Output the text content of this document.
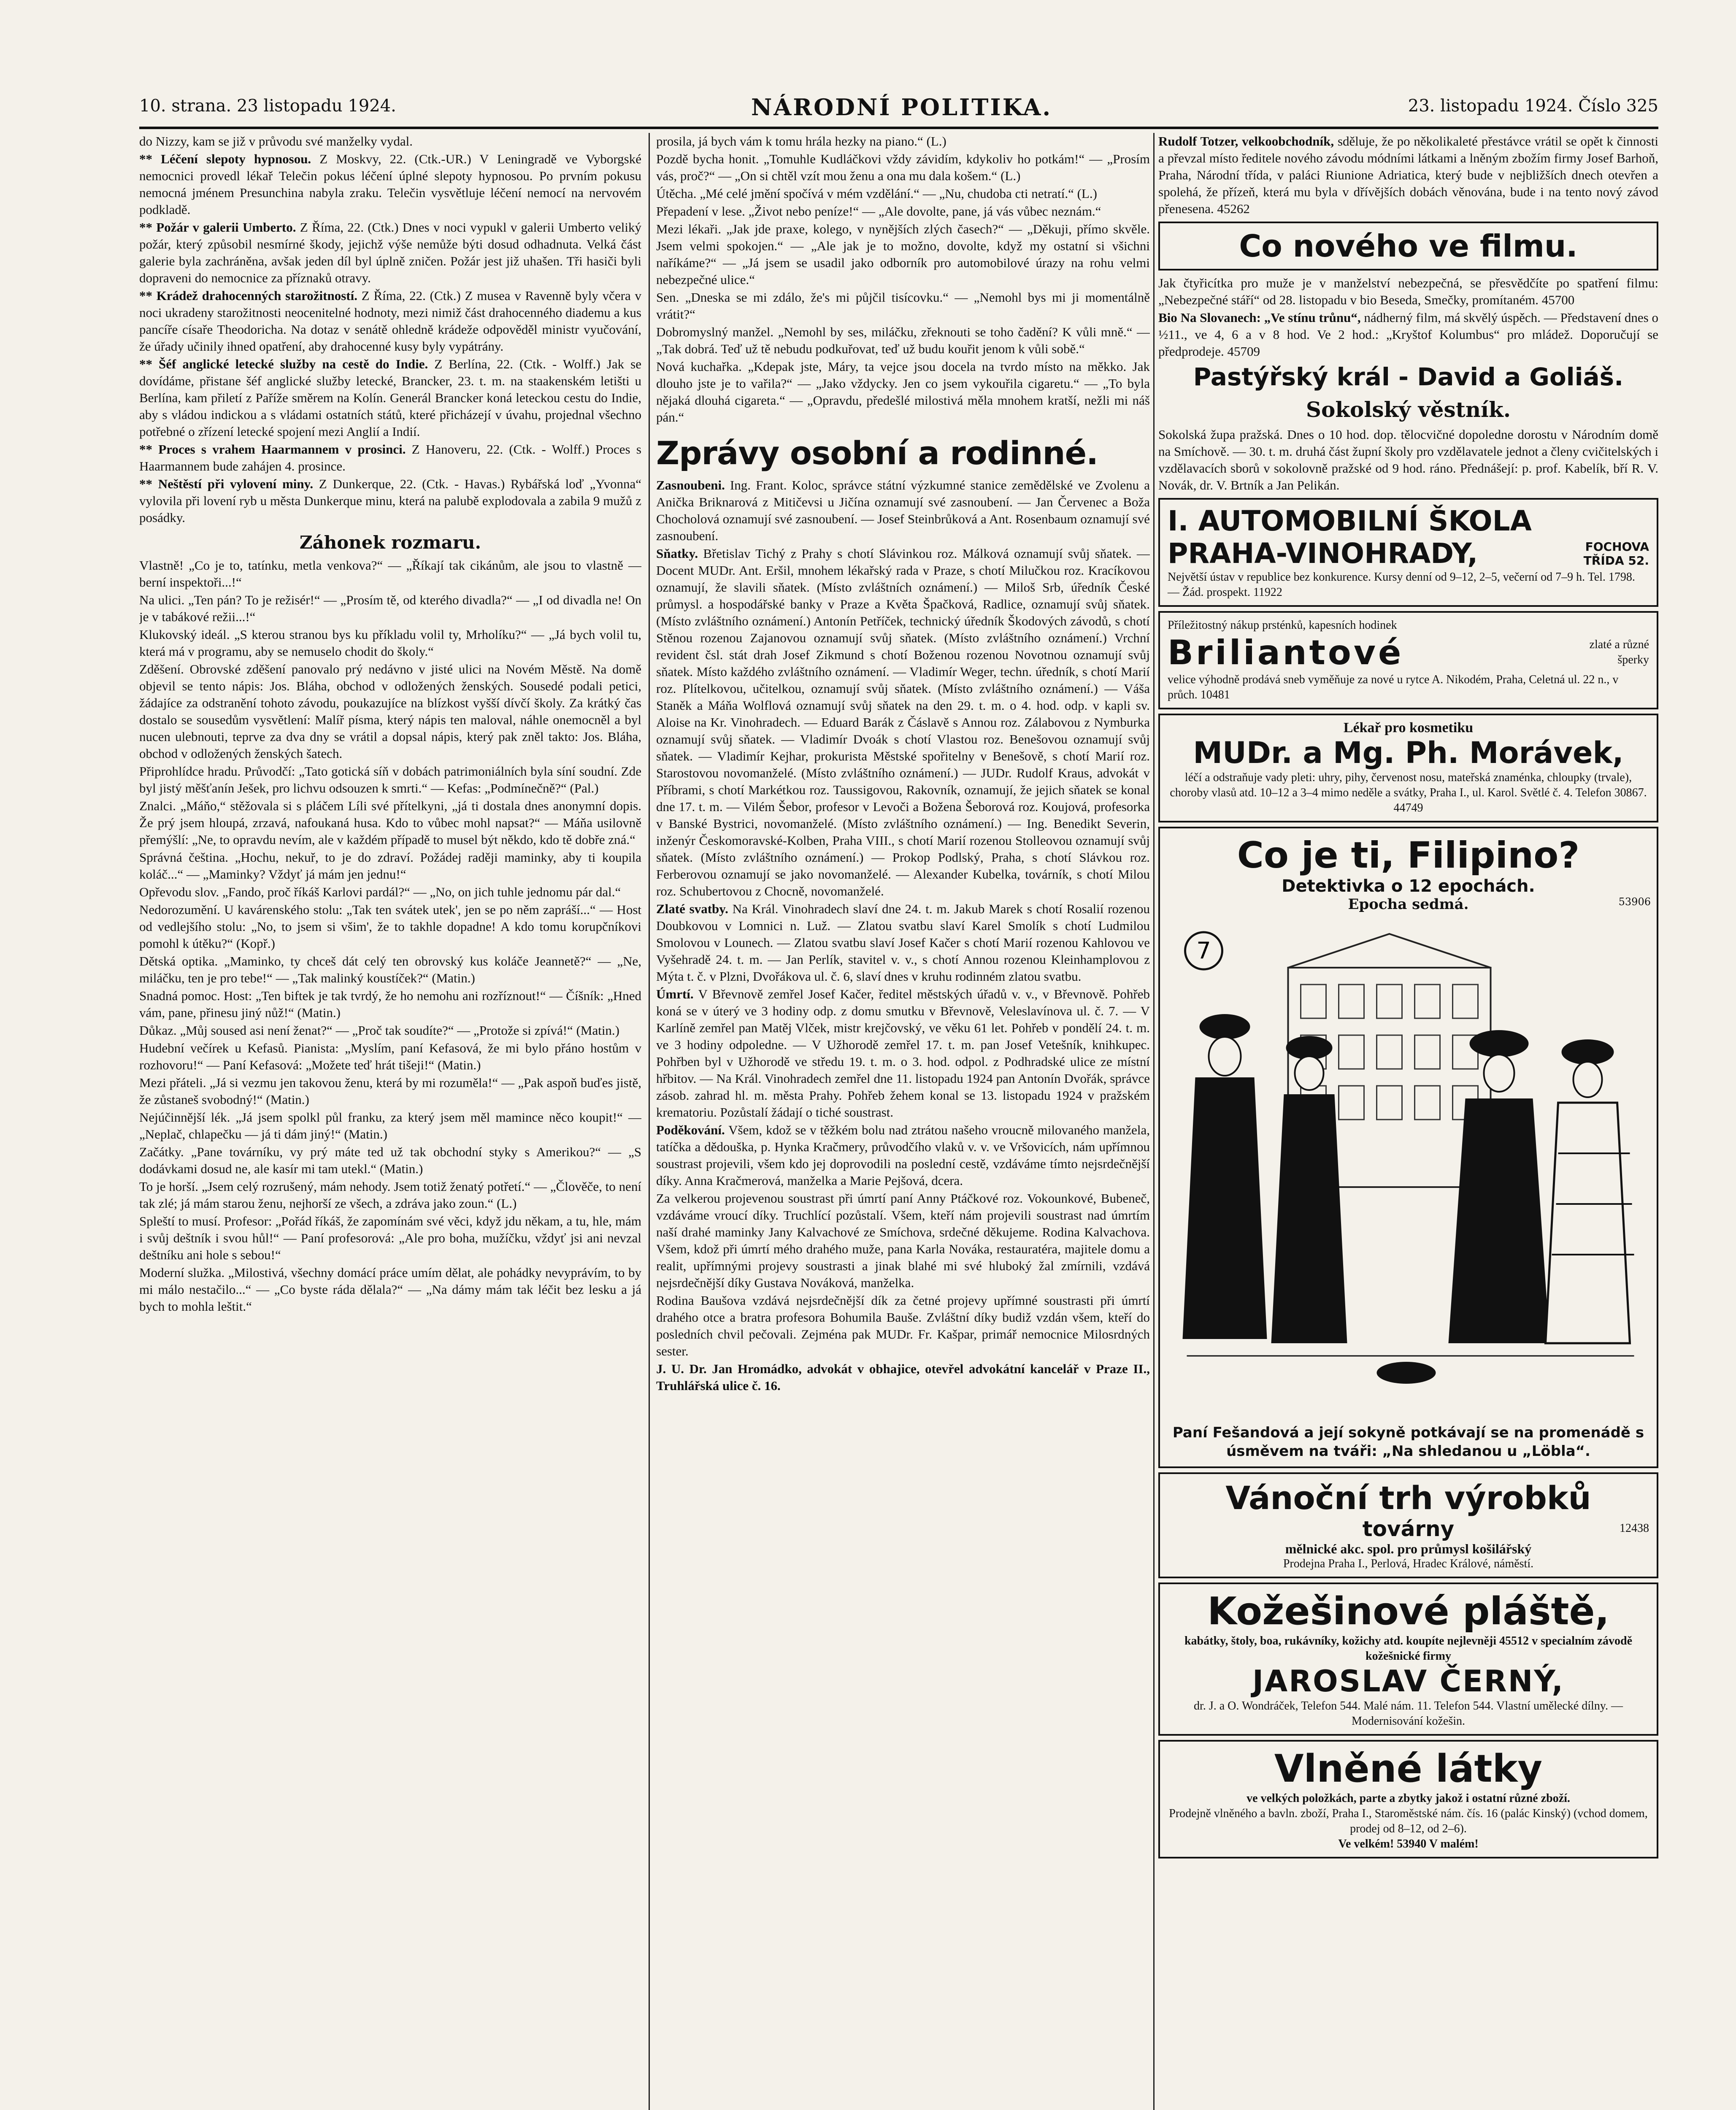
10. strana. 23 listopadu 1924.	NÁRODNÍ POLITIKA.	23. listopadu 1924. Číslo 325

do Nizzy, kam se již v průvodu své manželky vydal.

** Léčení slepoty hypnosou. Z Moskvy, 22. (Ctk.-UR.) V Leningradě ve Vyborgské nemocnici provedl lékař Telečin pokus léčení úplné slepoty hypnosou. Po prvním pokusu nemocná jménem Presunchina nabyla zraku. Telečin vysvětluje léčení nemocí na nervovém podkladě.

** Požár v galerii Umberto. Z Říma, 22. (Ctk.) Dnes v noci vypukl v galerii Umberto veliký požár, který způsobil nesmírné škody, jejichž výše nemůže býti dosud odhadnuta. Velká část galerie byla zachráněna, avšak jeden díl byl úplně zničen. Požár jest již uhašen. Tři hasiči byli dopraveni do nemocnice za příznaků otravy.

** Krádež drahocenných starožitností. Z Říma, 22. (Ctk.) Z musea v Ravenně byly včera v noci ukradeny starožitnosti neocenitelné hodnoty, mezi nimiž část drahocenného diademu a kus pancíře císaře Theodoricha. Na dotaz v senátě ohledně krádeže odpověděl ministr vyučování, že úřady učinily ihned opatření, aby drahocenné kusy byly vypátrány.

** Šéf anglické letecké služby na cestě do Indie. Z Berlína, 22. (Ctk. - Wolff.) Jak se dovídáme, přistane šéf anglické služby letecké, Brancker, 23. t. m. na staakenském letišti u Berlína, kam přiletí z Paříže směrem na Kolín. Generál Brancker koná leteckou cestu do Indie, aby s vládou indickou a s vládami ostatních států, které přicházejí v úvahu, projednal všechno potřebné o zřízení letecké spojení mezi Anglií a Indií.

** Proces s vrahem Haarmannem v prosinci. Z Hanoveru, 22. (Ctk. - Wolff.) Proces s Haarmannem bude zahájen 4. prosince.

** Neštěstí při vylovení miny. Z Dunkerque, 22. (Ctk. - Havas.) Rybářská loď „Yvonna“ vylovila při lovení ryb u města Dunkerque minu, která na palubě explodovala a zabila 9 mužů z posádky.

Záhonek rozmaru.

Vlastně! „Co je to, tatínku, metla venkova?“ — „Říkají tak cikánům, ale jsou to vlastně — berní inspektoři...!“

Na ulici. „Ten pán? To je režisér!“ — „Prosím tě, od kterého divadla?“ — „I od divadla ne! On je v tabákové režii...!“

Klukovský ideál. „S kterou stranou bys ku příkladu volil ty, Mrholíku?“ — „Já bych volil tu, která má v programu, aby se nemuselo chodit do školy.“

Zděšení. Obrovské zděšení panovalo prý nedávno v jisté ulici na Novém Městě. Na domě objevil se tento nápis: Jos. Bláha, obchod v odložených ženských. Sousedé podali petici, žádajíce za odstranění tohoto závodu, poukazujíce na blízkost vyšší dívčí školy. Za krátký čas dostalo se sousedům vysvětlení: Malíř písma, který nápis ten maloval, náhle onemocněl a byl nucen ulebnouti, teprve za dva dny se vrátil a dopsal nápis, který pak zněl takto: Jos. Bláha, obchod v odložených ženských šatech.

Připrohlídce hradu. Průvodčí: „Tato gotická síň v dobách patrimoniálních byla síní soudní. Zde byl jistý měšťanín Ješek, pro lichvu odsouzen k smrti.“ — Kefas: „Podmínečně?“ (Pal.)

Znalci. „Máňo,“ stěžovala si s pláčem Líli své přítelkyni, „já ti dostala dnes anonymní dopis. Že prý jsem hloupá, zrzavá, nafoukaná husa. Kdo to vůbec mohl napsat?“ — Máňa usilovně přemýšlí: „Ne, to opravdu nevím, ale v každém případě to musel být někdo, kdo tě dobře zná.“

Správná čeština. „Hochu, nekuř, to je do zdraví. Požádej raději maminky, aby ti koupila koláč...“ — „Maminky? Vždyť já mám jen jednu!“

Opřevodu slov. „Fando, proč říkáš Karlovi pardál?“ — „No, on jich tuhle jednomu pár dal.“

Nedorozumění. U kavárenského stolu: „Tak ten svátek utek', jen se po něm zapráší...“ — Host od vedlejšího stolu: „No, to jsem si všim', že to takhle dopadne! A kdo tomu korupčníkovi pomohl k útěku?“ (Kopř.)

Dětská optika. „Maminko, ty chceš dát celý ten obrovský kus koláče Jeannetě?“ — „Ne, miláčku, ten je pro tebe!“ — „Tak malinký koustíček?“ (Matin.)

Snadná pomoc. Host: „Ten biftek je tak tvrdý, že ho nemohu ani rozříznout!“ — Číšník: „Hned vám, pane, přinesu jiný nůž!“ (Matin.)

Důkaz. „Můj soused asi není ženat?“ — „Proč tak soudíte?“ — „Protože si zpívá!“ (Matin.)

Hudební večírek u Kefasů. Pianista: „Myslím, paní Kefasová, že mi bylo přáno hostům v rozhovoru!“ — Paní Kefasová: „Možete teď hrát tišeji!“ (Matin.)

Mezi přáteli. „Já si vezmu jen takovou ženu, která by mi rozuměla!“ — „Pak aspoň buďes jistě, že zůstaneš svobodný!“ (Matin.)

Nejúčinnější lék. „Já jsem spolkl půl franku, za který jsem měl mamince něco koupit!“ — „Neplač, chlapečku — já ti dám jiný!“ (Matin.)

Začátky. „Pane továrníku, vy prý máte ted už tak obchodní styky s Amerikou?“ — „S dodávkami dosud ne, ale kasír mi tam utekl.“ (Matin.)

To je horší. „Jsem celý rozrušený, mám nehody. Jsem totiž ženatý potřetí.“ — „Člověče, to není tak zlé; já mám starou ženu, nejhorší ze všech, a zdráva jako zoun.“ (L.)

Spleští to musí. Profesor: „Pořád říkáš, že zapomínám své věci, když jdu někam, a tu, hle, mám i svůj deštník i svou hůl!“ — Paní profesorová: „Ale pro boha, mužíčku, vždyť jsi ani nevzal deštníku ani hole s sebou!“

Moderní služka. „Milostivá, všechny domácí práce umím dělat, ale pohádky nevyprávím, to by mi málo nestačilo...“ — „Co byste ráda dělala?“ — „Na dámy mám tak léčit bez lesku a já bych to mohla leštit.“

prosila, já bych vám k tomu hrála hezky na piano.“ (L.)

Pozdě bycha honit. „Tomuhle Kudláčkovi vždy závidím, kdykoliv ho potkám!“ — „Prosím vás, proč?“ — „On si chtěl vzít mou ženu a ona mu dala košem.“ (L.)

Útěcha. „Mé celé jmění spočívá v mém vzdělání.“ — „Nu, chudoba cti netratí.“ (L.)

Přepadení v lese. „Život nebo peníze!“ — „Ale dovolte, pane, já vás vůbec neznám.“

Mezi lékaři. „Jak jde praxe, kolego, v nynějších zlých časech?“ — „Děkuji, přímo skvěle. Jsem velmi spokojen.“ — „Ale jak je to možno, dovolte, když my ostatní si všichni naříkáme?“ — „Já jsem se usadil jako odborník pro automobilové úrazy na rohu velmi nebezpečné ulice.“

Sen. „Dneska se mi zdálo, že's mi půjčil tisícovku.“ — „Nemohl bys mi ji momentálně vrátit?“

Dobromyslný manžel. „Nemohl by ses, miláčku, zřeknouti se toho čadění? K vůli mně.“ — „Tak dobrá. Teď už tě nebudu podkuřovat, teď už budu kouřit jenom k vůli sobě.“

Nová kuchařka. „Kdepak jste, Máry, ta vejce jsou docela na tvrdo místo na měkko. Jak dlouho jste je to vařila?“ — „Jako vždycky. Jen co jsem vykouřila cigaretu.“ — „To byla nějaká dlouhá cigareta.“ — „Opravdu, předešlé milostivá měla mnohem kratší, nežli mi náš pán.“

Zprávy osobní a rodinné.

Zasnoubeni. Ing. Frant. Koloc, správce státní výzkumné stanice zemědělské ve Zvolenu a Anička Briknarová z Mitičevsi u Jičína oznamují své zasnoubení. — Jan Červenec a Boža Chocholová oznamují své zasnoubení. — Josef Steinbrůková a Ant. Rosenbaum oznamují své zasnoubení.

Sňatky. Břetislav Tichý z Prahy s chotí Slávinkou roz. Málková oznamují svůj sňatek. — Docent MUDr. Ant. Eršil, mnohem lékařský rada v Praze, s chotí Milučkou roz. Kracíkovou oznamují, že slavili sňatek. (Místo zvláštních oznámení.) — Miloš Srb, úředník České průmysl. a hospodářské banky v Praze a Květa Špačková, Radlice, oznamují svůj sňatek. (Místo zvláštního oznámení.) Antonín Petříček, technický úředník Škodových závodů, s chotí Stěnou rozenou Zajanovou oznamují svůj sňatek. (Místo zvláštního oznámení.) Vrchní revident čsl. stát drah Josef Zikmund s chotí Boženou rozenou Novotnou oznamují svůj sňatek. Místo každého zvláštního oznámení. — Vladimír Weger, techn. úředník, s chotí Marií roz. Plítelkovou, učitelkou, oznamují svůj sňatek. (Místo zvláštního oznámení.) — Váša Staněk a Máňa Wolflová oznamují svůj sňatek na den 29. t. m. o 4. hod. odp. v kapli sv. Aloise na Kr. Vinohradech. — Eduard Barák z Čáslavě s Annou roz. Zálabovou z Nymburka oznamují svůj sňatek. — Vladimír Dvoák s chotí Vlastou roz. Benešovou oznamují svůj sňatek. — Vladimír Kejhar, prokurista Městské spořitelny v Benešově, s chotí Marií roz. Starostovou novomanželé. (Místo zvláštního oznámení.) — JUDr. Rudolf Kraus, advokát v Příbrami, s chotí Markétkou roz. Taussigovou, Rakovník, oznamují, že jejich sňatek se konal dne 17. t. m. — Vilém Šebor, profesor v Levoči a Božena Šeborová roz. Koujová, profesorka v Banské Bystrici, novomanželé. (Místo zvláštního oznámení.) — Ing. Benedikt Severin, inženýr Českomoravské-Kolben, Praha VIII., s chotí Marií rozenou Stolleovou oznamují svůj sňatek. (Místo zvláštního oznámení.) — Prokop Podlský, Praha, s chotí Slávkou roz. Ferberovou oznamují se jako novomanželé. — Alexander Kubelka, továrník, s chotí Milou roz. Schubertovou z Chocně, novomanželé.

Zlaté svatby. Na Král. Vinohradech slaví dne 24. t. m. Jakub Marek s chotí Rosalií rozenou Doubkovou v Lomnici n. Luž. — Zlatou svatbu slaví Karel Smolík s chotí Ludmilou Smolovou v Lounech. — Zlatou svatbu slaví Josef Kačer s chotí Marií rozenou Kahlovou ve Vyšehradě 24. t. m. — Jan Perlík, stavitel v. v., s chotí Annou rozenou Kleinhamplovou z Mýta t. č. v Plzni, Dvořákova ul. č. 6, slaví dnes v kruhu rodinném zlatou svatbu.

Úmrtí. V Břevnově zemřel Josef Kačer, ředitel městských úřadů v. v., v Břevnově. Pohřeb koná se v úterý ve 3 hodiny odp. z domu smutku v Břevnově, Veleslavínova ul. č. 7. — V Karlíně zemřel pan Matěj Vlček, mistr krejčovský, ve věku 61 let. Pohřeb v pondělí 24. t. m. ve 3 hodiny odpoledne. — V Užhorodě zemřel 17. t. m. pan Josef Vetešník, knihkupec. Pohřben byl v Užhorodě ve středu 19. t. m. o 3. hod. odpol. z Podhradské ulice ze místní hřbitov. — Na Král. Vinohradech zemřel dne 11. listopadu 1924 pan Antonín Dvořák, správce zásob. zahrad hl. m. města Prahy. Pohřeb žehem konal se 13. listopadu 1924 v pražském krematoriu. Pozůstalí žádají o tiché soustrast.

Poděkování. Všem, kdož se v těžkém bolu nad ztrátou našeho vroucně milovaného manžela, tatíčka a dědouška, p. Hynka Kračmery, průvodčího vlaků v. v. ve Vršovicích, nám upřímnou soustrast projevili, všem kdo jej doprovodili na poslední cestě, vzdáváme tímto nejsrdečnější díky. Anna Kračmerová, manželka a Marie Pejšová, dcera.

Za velkerou projevenou soustrast při úmrtí paní Anny Ptáčkové roz. Vokounkové, Bubeneč, vzdáváme vroucí díky. Truchlící pozůstalí. Všem, kteří nám projevili soustrast nad úmrtím naší drahé maminky Jany Kalvachové ze Smíchova, srdečné děkujeme. Rodina Kalvachova. Všem, kdož při úmrtí mého drahého muže, pana Karla Nováka, restauratéra, majitele domu a realit, upřímnými projevy soustrasti a jinak blahé mi své hluboký žal zmírnili, vzdává nejsrdečnější díky Gustava Nováková, manželka.

Rodina Baušova vzdává nejsrdečnější dík za četné projevy upřímné soustrasti při úmrtí drahého otce a bratra profesora Bohumila Bauše. Zvláštní díky budiž vzdán všem, kteří do posledních chvil pečovali. Zejména pak MUDr. Fr. Kašpar, primář nemocnice Milosrdných sester.

J. U. Dr. Jan Hromádko, advokát v obhajice, otevřel advokátní kancelář v Praze II., Truhlářská ulice č. 16.

Rudolf Totzer, velkoobchodník, sděluje, že po několikaleté přestávce vrátil se opět k činnosti a převzal místo ředitele nového závodu módními látkami a lněným zbožím firmy Josef Barhoň, Praha, Národní třída, v paláci Riunione Adriatica, který bude v nejbližších dnech otevřen a spolehá, že přízeň, která mu byla v dřívějších dobách věnována, bude i na tento nový závod přenesena. 45262

Co nového ve filmu.

Jak čtyřicítka pro muže je v manželství nebezpečná, se přesvědčíte po spatření filmu: „Nebezpečné stáří“ od 28. listopadu v bio Beseda, Smečky, promítaném. 45700

Bio Na Slovanech: „Ve stínu trůnu“, nádherný film, má skvělý úspěch. — Představení dnes o ½11., ve 4, 6 a v 8 hod. Ve 2 hod.: „Kryštof Kolumbus“ pro mládež. Doporučují se předprodeje. 45709

Pastýřský král - David a Goliáš.
Sokolský věstník.

Sokolská župa pražská. Dnes o 10 hod. dop. tělocvičné dopoledne dorostu v Národním domě na Smíchově. — 30. t. m. druhá část župní školy pro vzdělavatele jednot a členy cvičitelských i vzdělavacích sborů v sokolovně pražské od 9 hod. ráno. Přednášejí: p. prof. Kabelík, bří R. V. Novák, dr. V. Brtník a Jan Pelikán.

I. AUTOMOBILNÍ ŠKOLA
PRAHA-VINOHRADY,	FOCHOVA TŘÍDA 52.
Největší ústav v republice bez konkurence. Kursy denní od 9–12, 2–5, večerní od 7–9 h. Tel. 1798. — Žád. prospekt. 11922
Příležitostný nákup prsténků, kapesních hodinek
Briliantové	zlaté a různé šperky
velice výhodně prodává sneb vyměňuje za nové u rytce A. Nikodém, Praha, Celetná ul. 22 n., v průch. 10481
Lékař pro kosmetiku
MUDr. a Mg. Ph. Morávek,
léčí a odstraňuje vady pleti: uhry, pihy, červenost nosu, mateřská znaménka, chloupky (trvale), choroby vlasů atd. 10–12 a 3–4 mimo neděle a svátky, Praha I., ul. Karol. Světlé č. 4. Telefon 30867. 44749
Co je ti, Filipino?
Detektivka o 12 epochách.
Epocha sedmá.	53906
7
Paní Fešandová a její sokyně potkávají se na promenádě s úsměvem na tváři: „Na shledanou u „Löbla“.
Vánoční trh výrobků
továrny	12438
mělnické akc. spol. pro průmysl košilářský
Prodejna Praha I., Perlová, Hradec Králové, náměstí.
Kožešinové pláště,
kabátky, štoly, boa, rukávníky, kožichy atd. koupíte nejlevněji 45512 v specialním závodě kožešnické firmy
JAROSLAV ČERNÝ,
dr. J. a O. Wondráček, Telefon 544. Malé nám. 11. Telefon 544. Vlastní umělecké dílny. — Modernisování kožešin.
Vlněné látky
ve velkých položkách, parte a zbytky jakož i ostatní různé zboží.
Prodejně vlněného a bavln. zboží, Praha I., Staroměstské nám. čís. 16 (palác Kinský) (vchod domem, prodej od 8–12, od 2–6).
Ve velkém! 53940 V malém!
